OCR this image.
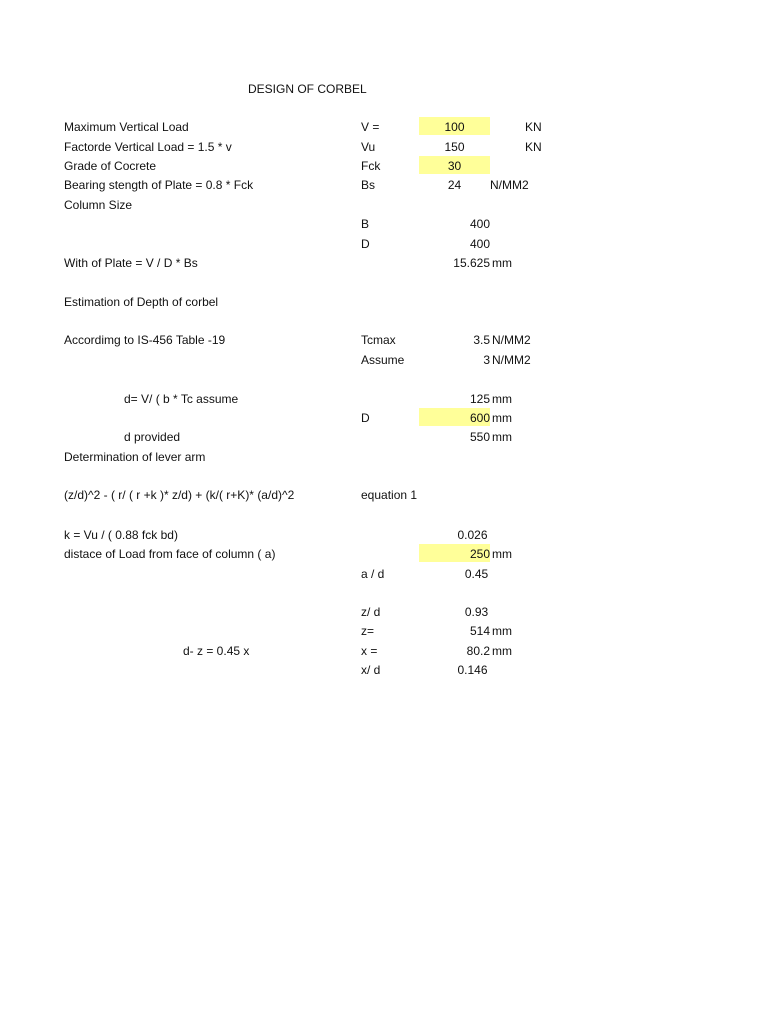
DESIGN OF CORBEL
Maximum Vertical Load	V =	100	KN
Factorde Vertical Load = 1.5 * v	Vu	150	KN
Grade of Cocrete	Fck	30
Bearing stength of Plate = 0.8 * Fck	Bs	24	N/MM2
Column Size
B	400
D	400
With of Plate = V / D * Bs	15.625 mm
Estimation of Depth of corbel
Accordimg to IS-456 Table -19	Tcmax	3.5 N/MM2
Assume	3 N/MM2
d= V/ ( b * Tc assume	125 mm
D	600 mm
d provided	550 mm
Determination of lever arm
(z/d)^2 - ( r/ ( r +k )* z/d) + (k/( r+K)* (a/d)^2	equation 1
k = Vu / ( 0.88 fck bd)	0.026
distace of Load from face of column ( a)	250 mm
a / d	0.45
z/ d	0.93
z=	514 mm
d- z = 0.45 x	x =	80.2 mm
x/ d	0.146
